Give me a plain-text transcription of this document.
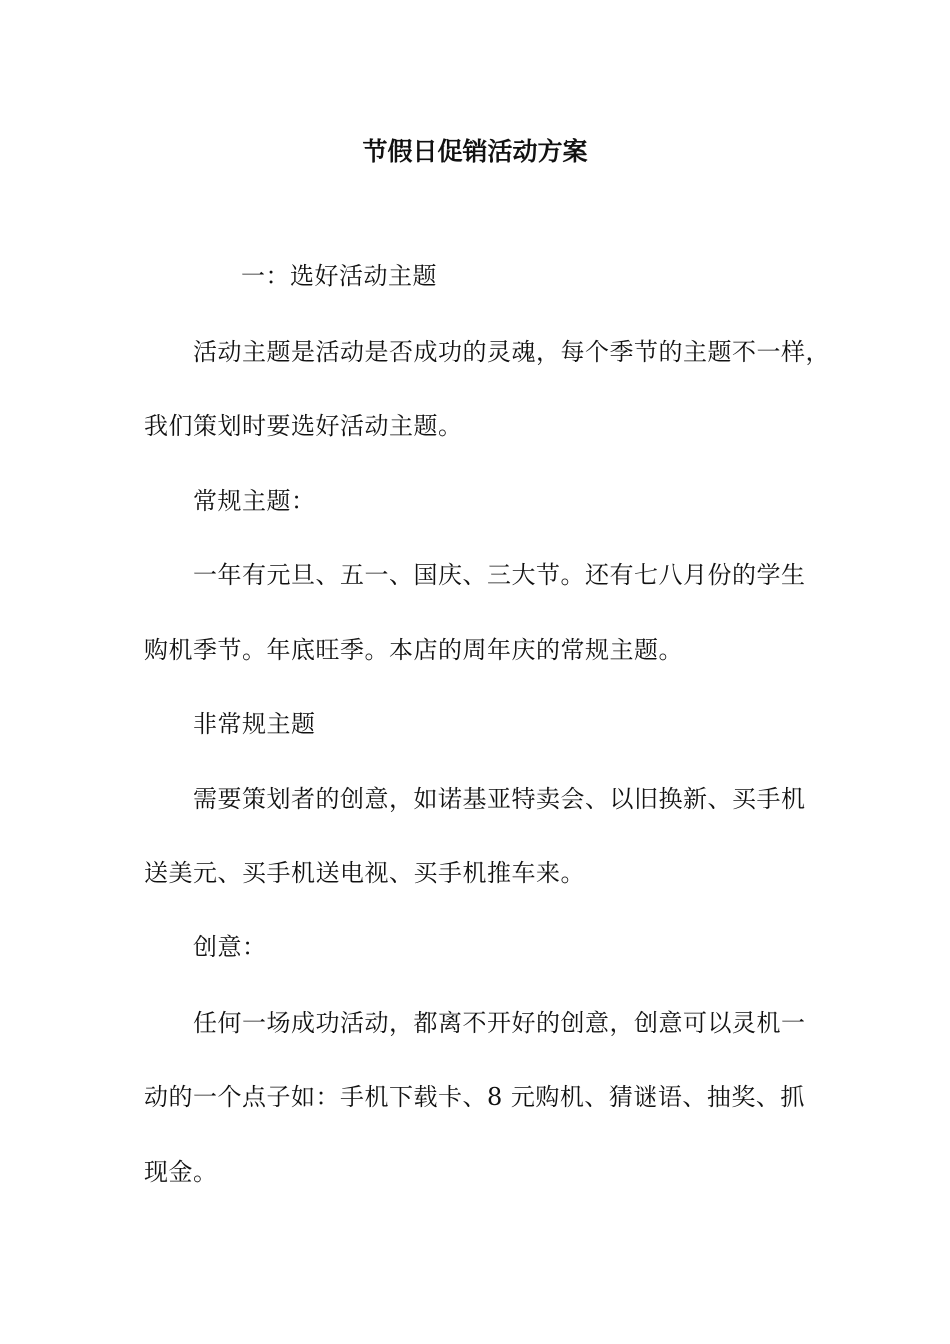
节假日促销活动方案
一：选好活动主题
活动主题是活动是否成功的灵魂，每个季节的主题不一样，
我们策划时要选好活动主题。
常规主题：
一年有元旦、五一、国庆、三大节。还有七八月份的学生
购机季节。年底旺季。本店的周年庆的常规主题。
非常规主题
需要策划者的创意，如诺基亚特卖会、以旧换新、买手机
送美元、买手机送电视、买手机推车来。
创意：
任何一场成功活动，都离不开好的创意，创意可以灵机一
动的一个点子如：手机下载卡、8 元购机、猜谜语、抽奖、抓
现金。
